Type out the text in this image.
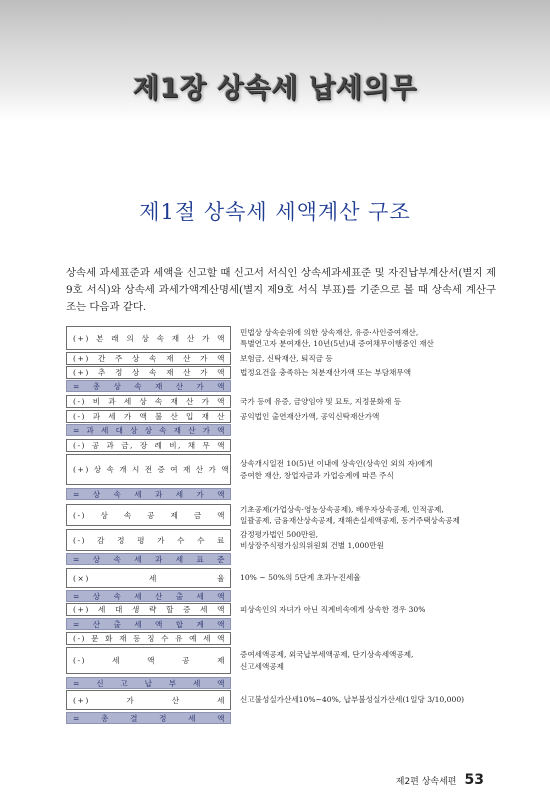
제1장 상속세 납세의무
제1절 상속세 세액계산 구조
상속세 과세표준과 세액을 신고할 때 신고서 서식인 상속세과세표준 및 자진납부계산서(별지 제9호 서식)와 상속세 과세가액계산명세(별지 제9호 서식 부표)를 기준으로 볼 때 상속세 계산구조는 다음과 같다.
(+) 본 래 의 상 속 재 산 가 액
민법상 상속순위에 의한 상속재산, 유증·사인증여재산,
특별연고자 분여재산, 10년(5년)내 증여채무이행중인 재산
(+) 간 주 상 속 재 산 가 액 보험금, 신탁재산, 퇴직금 등
(+) 추 정 상 속 재 산 가 액 법정요건을 충족하는 처분재산가액 또는 부담채무액
= 총 상 속 재 산 가 액
(-) 비 과 세 상 속 재 산 가 액 국가 등에 유증, 금양임야 및 묘토, 지정문화재 등
(-) 과 세 가 액 불 산 입 재 산 공익법인 출연재산가액, 공익신탁재산가액
= 과 세 대 상 상 속 재 산 가 액
(-) 공 과 금, 장 례 비, 채 무 액
(+) 상 속 개 시 전 증 여 재 산 가 액
상속개시일전 10(5)년 이내에 상속인(상속인 외의 자)에게
증여한 재산, 창업자금과 가업승계에 따른 주식
= 상 속 세 과 세 가 액
(-) 상 속 공 제 금 액
기초공제(가업상속·영농상속공제), 배우자상속공제, 인적공제,
일괄공제, 금융재산상속공제, 재해손실세액공제, 동거주택상속공제
(-) 감 정 평 가 수 수 료
감정평가법인 500만원,
비상장주식평가심의위원회 건별 1,000만원
= 상 속 세 과 세 표 준
(×) 세 율 10% ~ 50%의 5단계 초과누진세율
= 상 속 세 산 출 세 액
(+) 세 대 생 략 할 증 세 액 피상속인의 자녀가 아닌 직계비속에게 상속한 경우 30%
= 산 출 세 액 합 계 액
(-) 문 화 재 등 징 수 유 예 세 액
(-) 세 액 공 제
증여세액공제, 외국납부세액공제, 단기상속세액공제,
신고세액공제
= 신 고 납 부 세 액
(+) 가 산 세 신고불성실가산세10%~40%, 납부불성실가산세(1일당 3/10,000)
= 총 결 정 세 액
제2편 상속세편 53
